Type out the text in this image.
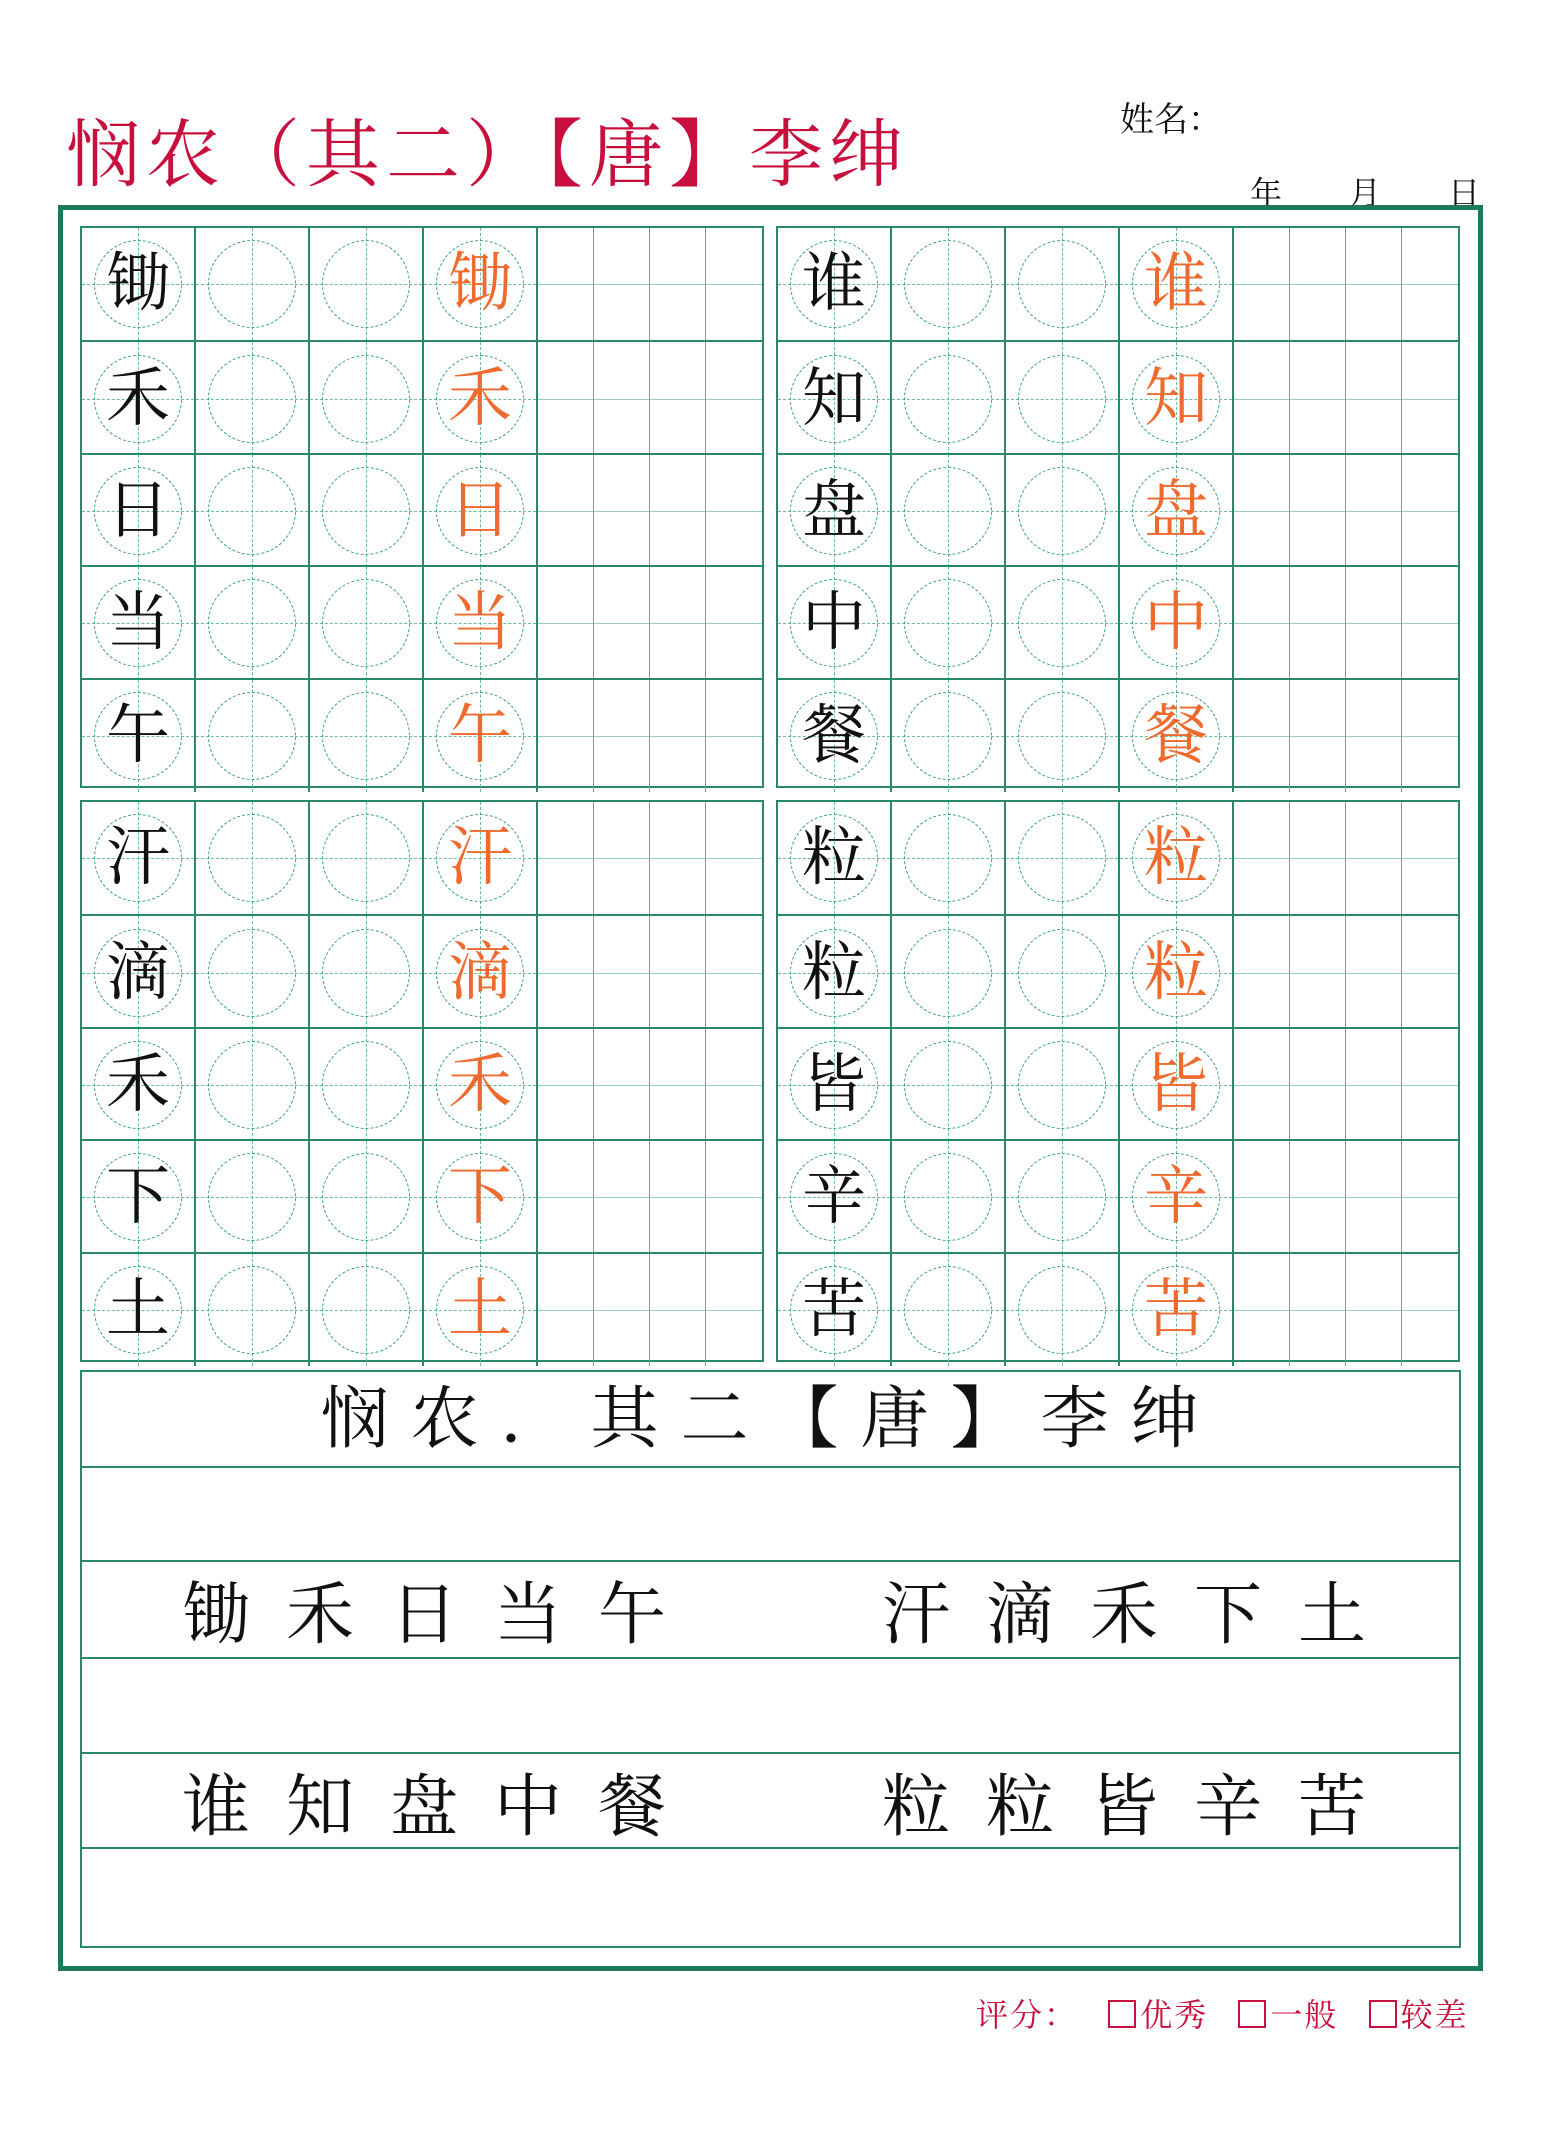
悯农（其二）【唐】李绅	姓名：
年 月 日
锄	锄
禾	禾
日	日
当	当
午	午
谁	谁
知	知
盘	盘
中	中
餐	餐
汗	汗
滴	滴
禾	禾
下	下
土	土
粒	粒
粒	粒
皆	皆
辛	辛
苦	苦
悯农．其二【唐】李绅
锄禾日当午	汗滴禾下土
谁知盘中餐	粒粒皆辛苦
评分： 优秀 一般 较差
